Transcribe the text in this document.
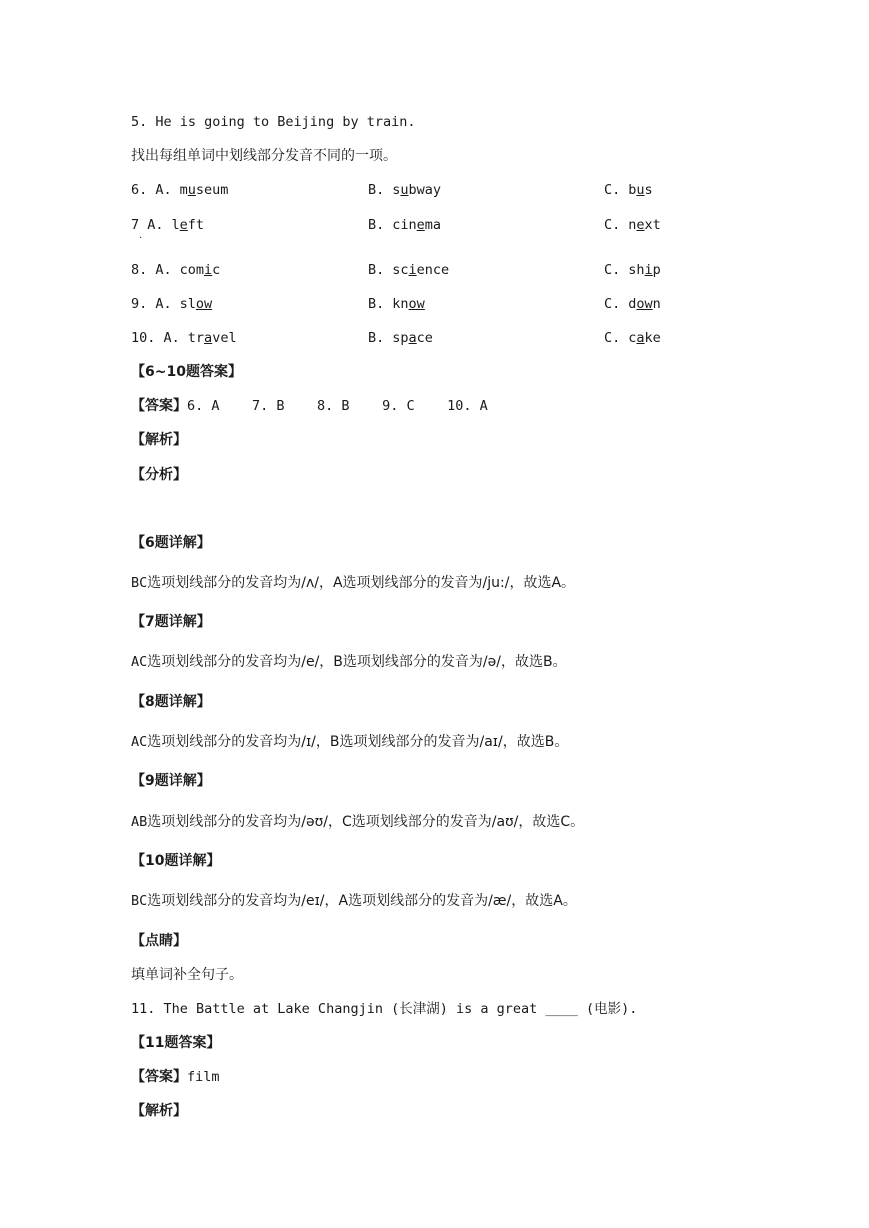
5. He is going to Beijing by train.
找出每组单词中划线部分发音不同的一项。
6. A. museum	B. subway	C. bus
7 A. left	B. cinema	C. next
8. A. comic	B. science	C. ship
9. A. slow	B. know	C. down
10. A. travel	B. space	C. cake
·
【6~10题答案】
【答案】6. A    7. B    8. B    9. C    10. A
【解析】
【分析】
【6题详解】
BC选项划线部分的发音均为/ʌ/，A选项划线部分的发音为/ju:/，故选A。
【7题详解】
AC选项划线部分的发音均为/e/，B选项划线部分的发音为/ə/，故选B。
【8题详解】
AC选项划线部分的发音均为/ɪ/，B选项划线部分的发音为/aɪ/，故选B。
【9题详解】
AB选项划线部分的发音均为/əʊ/，C选项划线部分的发音为/aʊ/，故选C。
【10题详解】
BC选项划线部分的发音均为/eɪ/，A选项划线部分的发音为/æ/，故选A。
【点睛】
填单词补全句子。
11. The Battle at Lake Changjin (长津湖) is a great ____ (电影).
【11题答案】
【答案】film
【解析】
